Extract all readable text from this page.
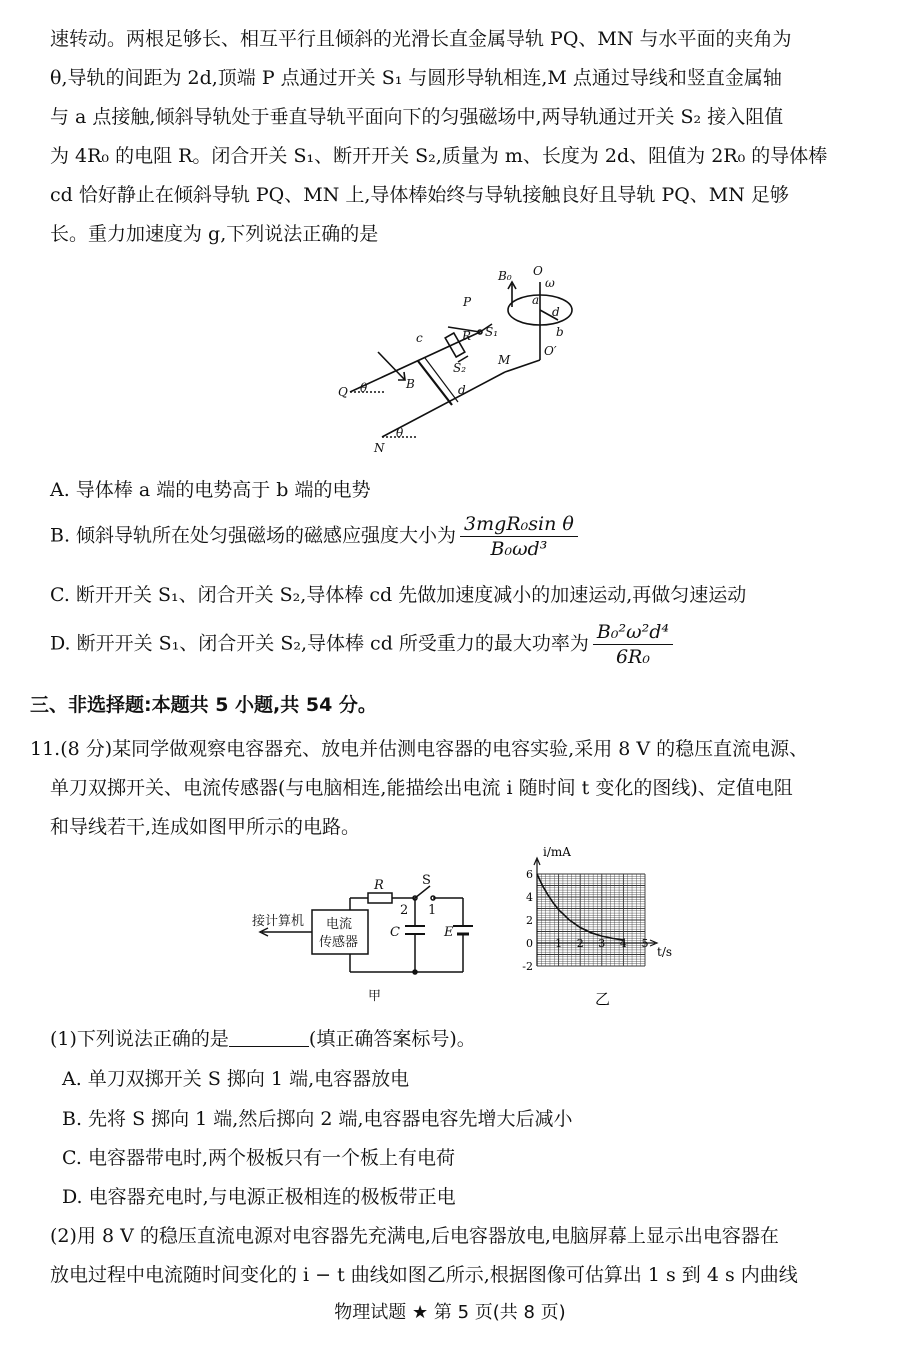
速转动。两根足够长、相互平行且倾斜的光滑长直金属导轨 PQ、MN 与水平面的夹角为
θ,导轨的间距为 2d,顶端 P 点通过开关 S₁ 与圆形导轨相连,M 点通过导线和竖直金属轴
与 a 点接触,倾斜导轨处于垂直导轨平面向下的匀强磁场中,两导轨通过开关 S₂ 接入阻值
为 4R₀ 的电阻 R。闭合开关 S₁、断开开关 S₂,质量为 m、长度为 2d、阻值为 2R₀ 的导体棒
cd 恰好静止在倾斜导轨 PQ、MN 上,导体棒始终与导轨接触良好且导轨 PQ、MN 足够
长。重力加速度为 g,下列说法正确的是
B₀ O
ω
a
d
b
O′
P
S₁
R
S₂
c
M
B
Q θ	d
N
θ
A. 导体棒 a 端的电势高于 b 端的电势
B. 倾斜导轨所在处匀强磁场的磁感应强度大小为 $\frac{\text{3mgR₀sin θ}}{\text{B₀ωd³}}$
C. 断开开关 S₁、闭合开关 S₂,导体棒 cd 先做加速度减小的加速运动,再做匀速运动
D. 断开开关 S₁、闭合开关 S₂,导体棒 cd 所受重力的最大功率为 $\frac{\text{B₀²ω²d⁴}}{\text{6R₀}}$
三、非选择题:本题共 5 小题,共 54 分。
11.(8 分)某同学做观察电容器充、放电并估测电容器的电容实验,采用 8 V 的稳压直流电源、
单刀双掷开关、电流传感器(与电脑相连,能描绘出电流 i 随时间 t 变化的图线)、定值电阻
和导线若干,连成如图甲所示的电路。
接计算机 电流
传感器
R	S
2 1
C	E
甲
-2
0
2
4
6
1 2 3 4 5
i/mA
t/s
乙
(1)下列说法正确的是	(填正确答案标号)。
A. 单刀双掷开关 S 掷向 1 端,电容器放电
B. 先将 S 掷向 1 端,然后掷向 2 端,电容器电容先增大后减小
C. 电容器带电时,两个极板只有一个板上有电荷
D. 电容器充电时,与电源正极相连的极板带正电
(2)用 8 V 的稳压直流电源对电容器先充满电,后电容器放电,电脑屏幕上显示出电容器在
放电过程中电流随时间变化的 i − t 曲线如图乙所示,根据图像可估算出 1 s 到 4 s 内曲线
物理试题 ★ 第 5 页(共 8 页)
